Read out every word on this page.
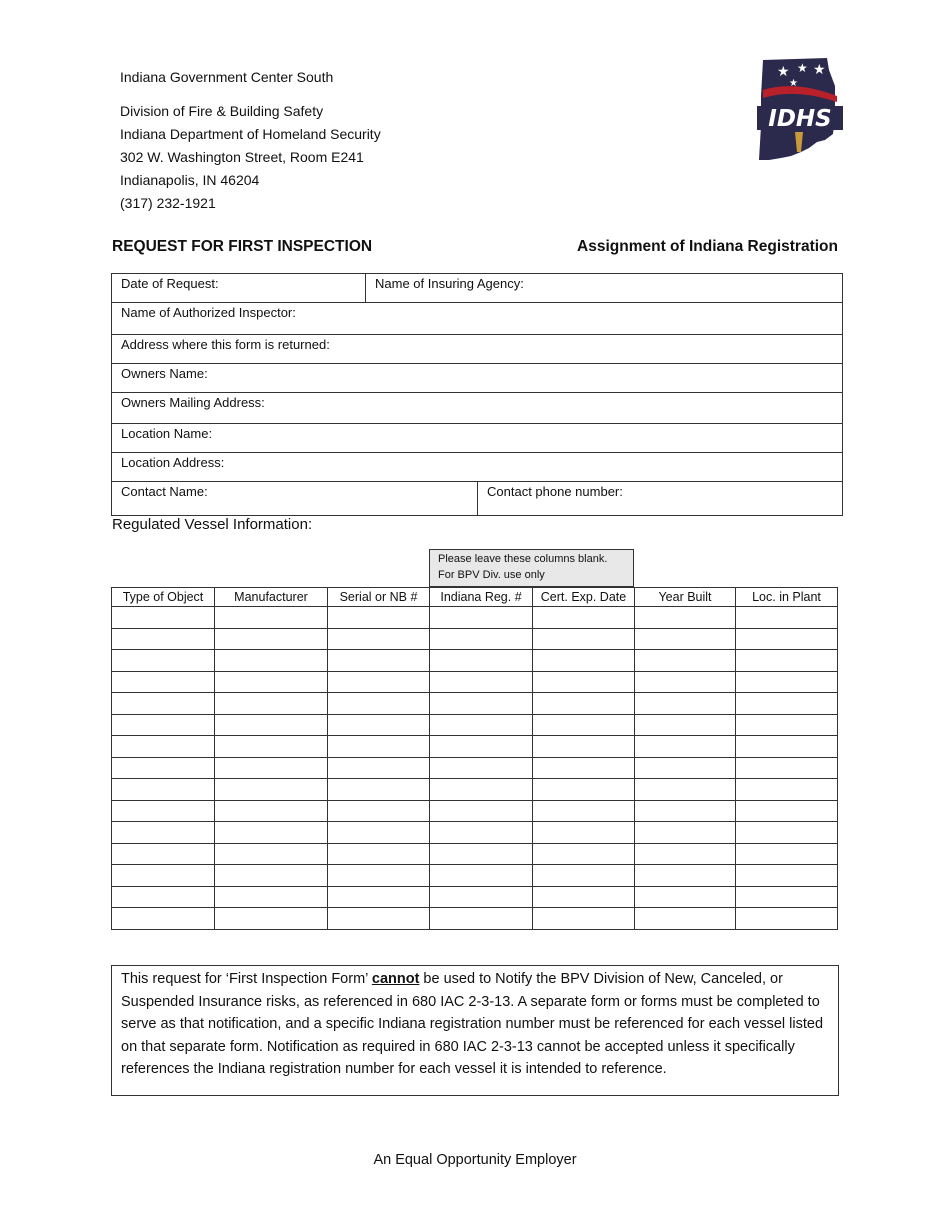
Indiana Government Center South
Division of Fire & Building Safety
Indiana Department of Homeland Security
302 W. Washington Street, Room E241
Indianapolis, IN 46204
(317) 232-1921
★ ★ ★
★
IDHS
REQUEST FOR FIRST INSPECTION	Assignment of Indiana Registration
Date of Request:	Name of Insuring Agency:
Name of Authorized Inspector:
Address where this form is returned:
Owners Name:
Owners Mailing Address:
Location Name:
Location Address:
Contact Name:	Contact phone number:
Regulated Vessel Information:
Please leave these columns blank.
For BPV Div. use only
Type of Object	Manufacturer	Serial or NB #	Indiana Reg. #	Cert. Exp. Date	Year Built	Loc. in Plant

This request for ‘First Inspection Form’ cannot be used to Notify the BPV Division of New, Canceled, or Suspended Insurance risks, as referenced in 680 IAC 2-3-13. A separate form or forms must be completed to serve as that notification, and a specific Indiana registration number must be referenced for each vessel listed on that separate form. Notification as required in 680 IAC 2-3-13 cannot be accepted unless it specifically references the Indiana registration number for each vessel it is intended to reference.
An Equal Opportunity Employer
